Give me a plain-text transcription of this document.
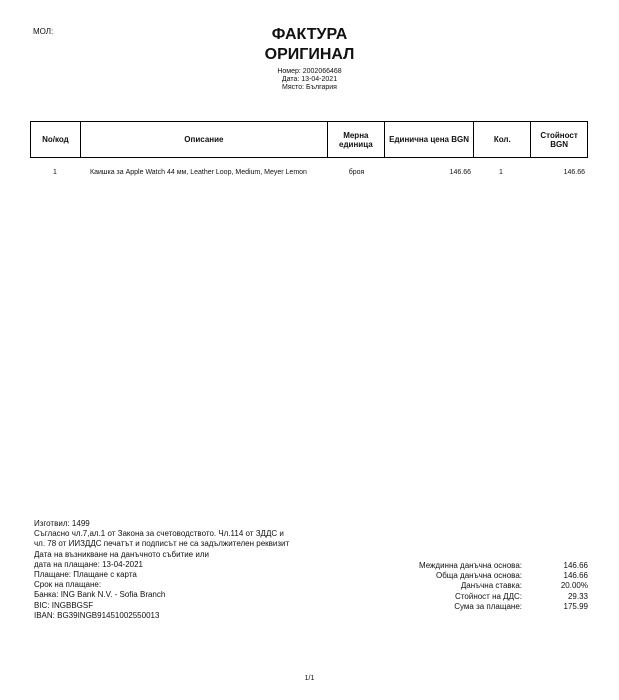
МОЛ:	ФАКТУРА
ОРИГИНАЛ
Номер: 2002066468
Дата: 13-04-2021
Място: България
No/код	Описание	Мерна единица	Единична цена BGN	Кол.	Стойност BGN
1	Каишка за Apple Watch 44 мм, Leather Loop, Medium, Meyer Lemon	броя	146.66	1	146.66
Изготвил: 1499
Съгласно чл.7,ал.1 от Закона за счетоводството. Чл.114 от ЗДДС и
чл. 78 от ИИЗДДС печатът и подписът не са задължителен реквизит
Дата на възникване на данъчното събитие или
дата на плащане: 13-04-2021
Плащане: Плащане с карта
Срок на плащане:
Банка: ING Bank N.V. - Sofia Branch
BIC: INGBBGSF
IBAN: BG39INGB91451002550013
Междинна данъчна основа:	146.66
Обща данъчна основа:	146.66
Данъчна ставка:	20.00%
Стойност на ДДС:	29.33
Сума за плащане:	175.99
1/1
